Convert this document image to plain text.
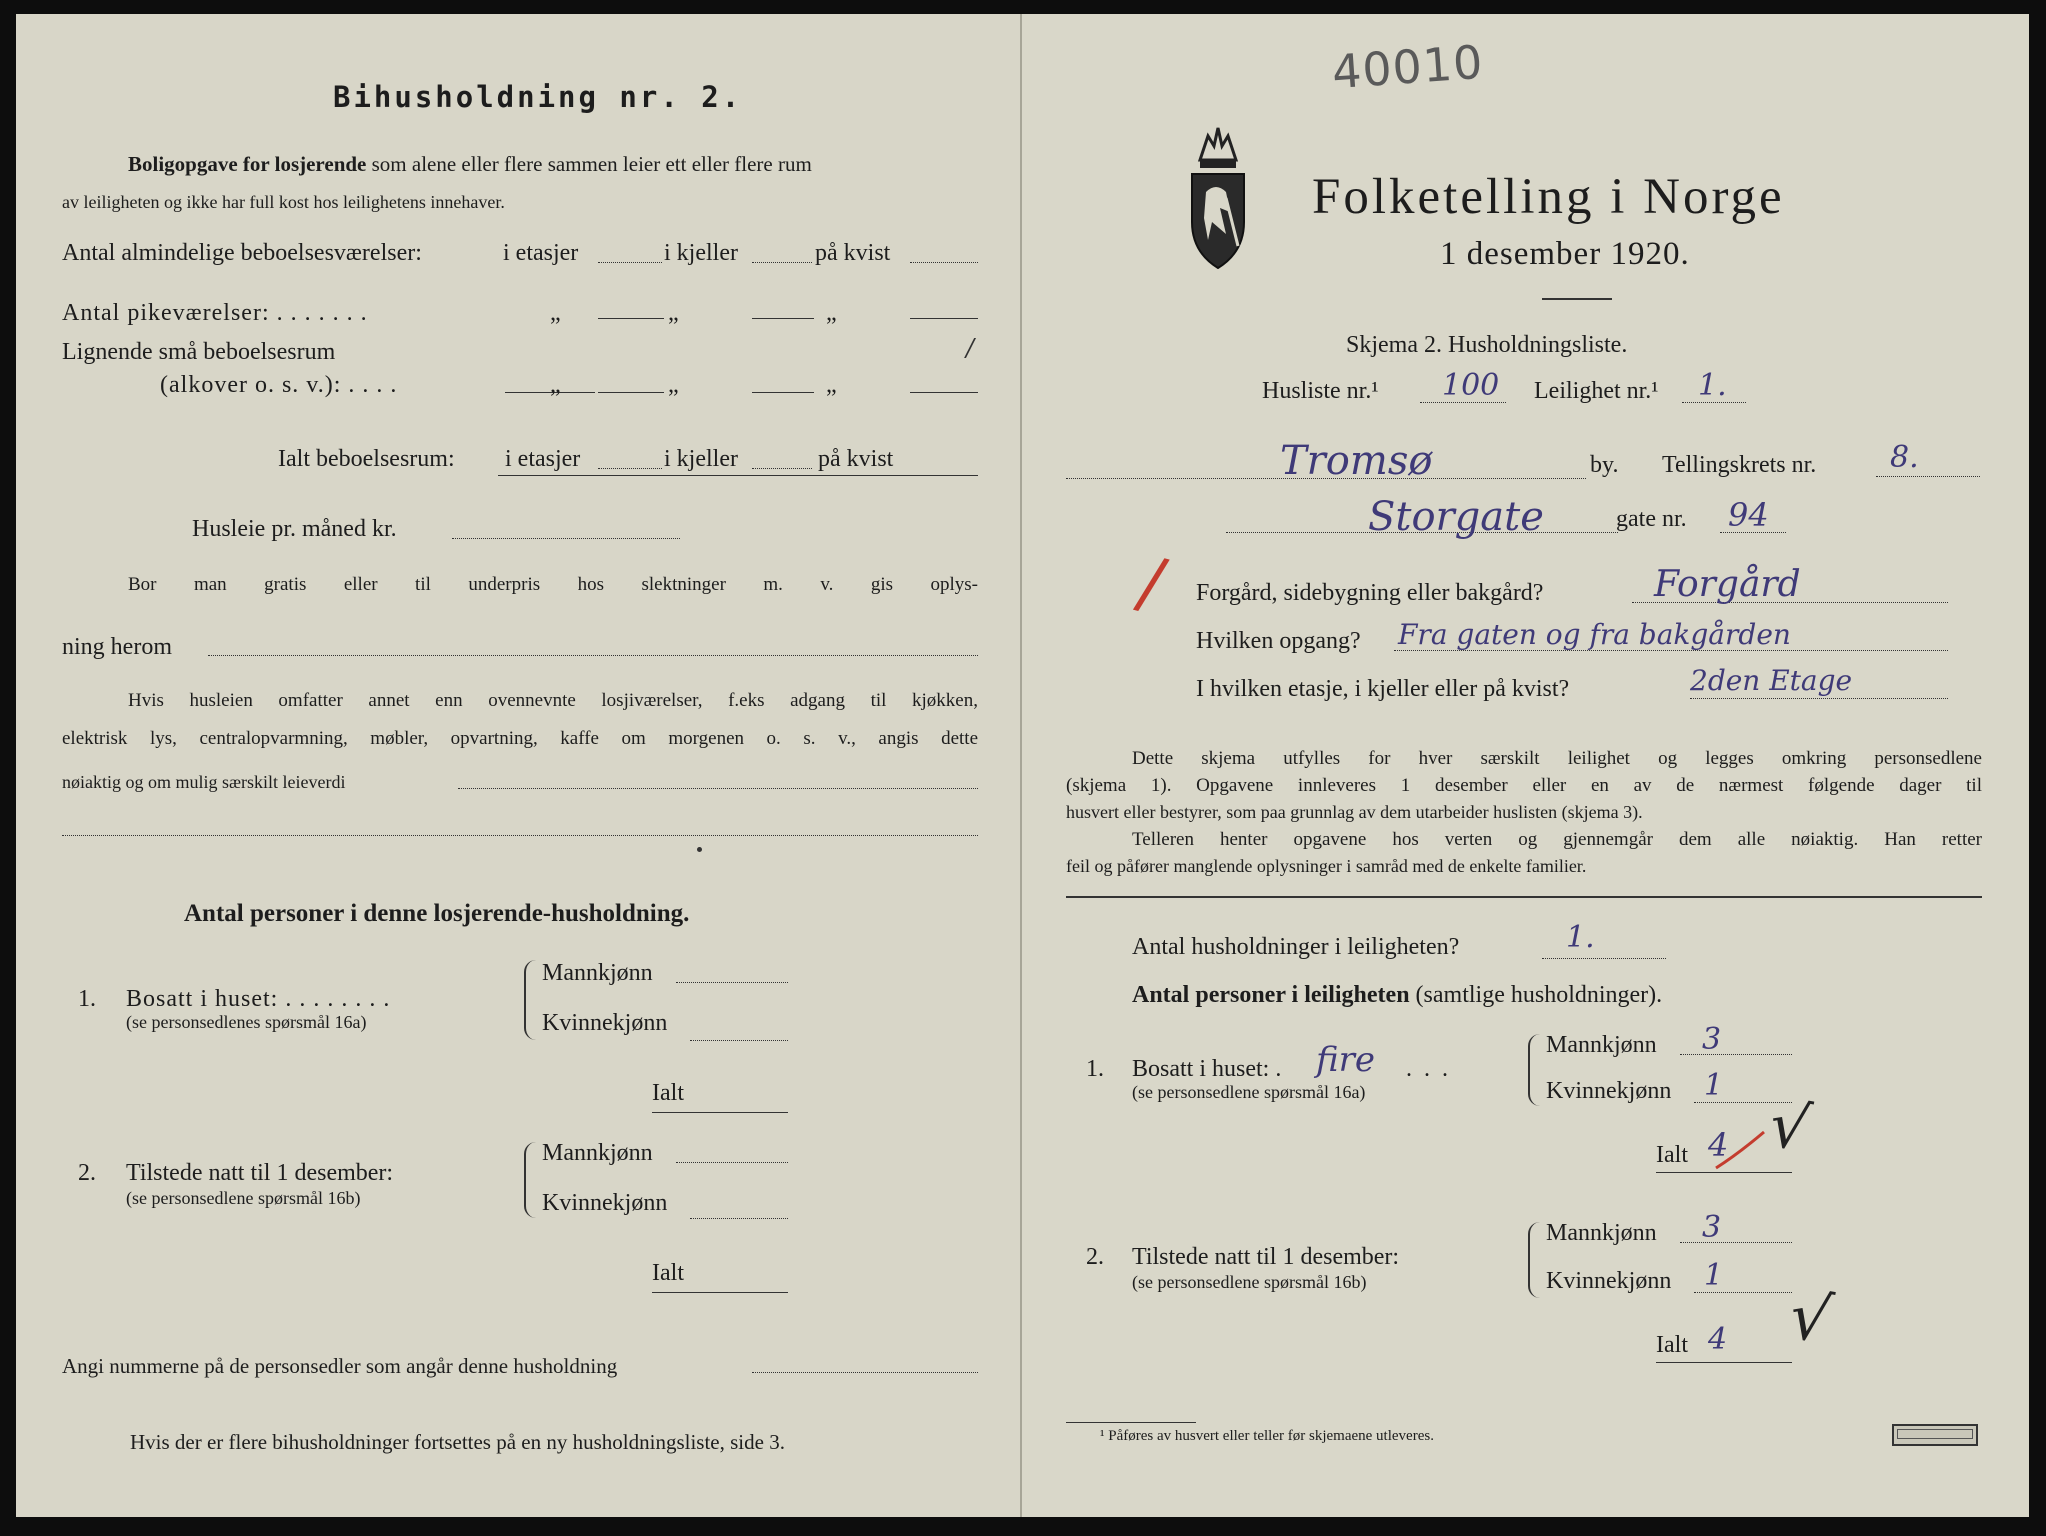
Bihusholdning nr. 2.
Boligopgave for losjerende som alene eller flere sammen leier ett eller flere rum
av leiligheten og ikke har full kost hos leilighetens innehaver.
Antal almindelige beboelsesværelser:	i etasjer	i kjeller	på kvist
Antal pikeværelser: . . . . . . .	„	„	„
Lignende små beboelsesrum	/
(alkover o. s. v.): . . . .	„	„	„
Ialt beboelsesrum: i etasjer	i kjeller	på kvist
Husleie pr. måned kr.
Bor man gratis eller til underpris hos slektninger m. v. gis oplys-
ning herom
Hvis husleien omfatter annet enn ovennevnte losjiværelser, f.eks adgang til kjøkken,
elektrisk lys, centralopvarmning, møbler, opvartning, kaffe om morgenen o. s. v., angis dette
nøiaktig og om mulig særskilt leieverdi
Antal personer i denne losjerende-husholdning.
1. Bosatt i huset: . . . . . . . .
(se personsedlenes spørsmål 16a)
Mannkjønn
Kvinnekjønn
Ialt
2. Tilstede natt til 1 desember:
(se personsedlene spørsmål 16b)
Mannkjønn
Kvinnekjønn
Ialt
Angi nummerne på de personsedler som angår denne husholdning
Hvis der er flere bihusholdninger fortsettes på en ny husholdningsliste, side 3.
40010
Folketelling i Norge
1 desember 1920.
Skjema 2. Husholdningsliste.
Husliste nr.¹ 100 Leilighet nr.¹ 1.
Tromsø	by. Tellingskrets nr. 8.
Storgate	gate nr. 94
/ Forgård, sidebygning eller bakgård?	Forgård
Hvilken opgang? Fra gaten og fra bakgården
I hvilken etasje, i kjeller eller på kvist?	2den Etage
Dette skjema utfylles for hver særskilt leilighet og legges omkring personsedlene
(skjema 1). Opgavene innleveres 1 desember eller en av de nærmest følgende dager til
husvert eller bestyrer, som paa grunnlag av dem utarbeider huslisten (skjema 3).
Telleren henter opgavene hos verten og gjennemgår dem alle nøiaktig. Han retter
feil og påfører manglende oplysninger i samråd med de enkelte familier.
Antal husholdninger i leiligheten?	1.
Antal personer i leiligheten (samtlige husholdninger).
1. Bosatt i huset: . fire . . .
(se personsedlene spørsmål 16a)
Mannkjønn 3
Kvinnekjønn 1
Ialt 4 √
2. Tilstede natt til 1 desember:
(se personsedlene spørsmål 16b)
Mannkjønn 3
Kvinnekjønn 1
Ialt 4 √
¹ Påføres av husvert eller teller før skjemaene utleveres.
